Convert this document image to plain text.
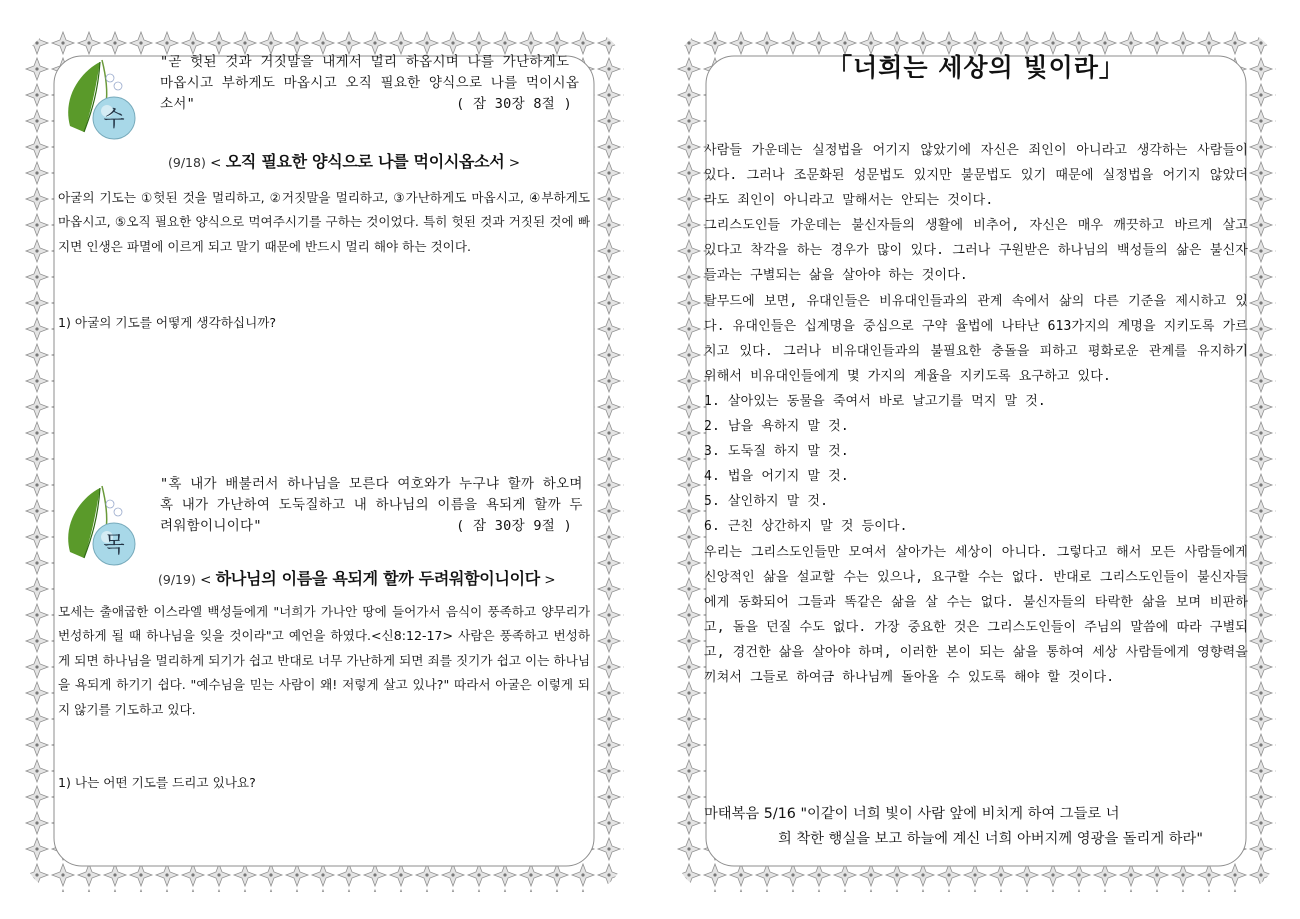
수
"곧 헛된 것과 거짓말을 내게서 멀리 하옵시며 나를 가난하게도 마옵시고 부하게도 마옵시고 오직 필요한 양식으로 나를 먹이시옵소서"	( 잠 30장 8절 )
(9/18) < 오직 필요한 양식으로 나를 먹이시옵소서 >
아굴의 기도는 ①헛된 것을 멀리하고, ②거짓말을 멀리하고, ③가난하게도 마옵시고, ④부하게도 마옵시고, ⑤오직 필요한 양식으로 먹여주시기를 구하는 것이었다. 특히 헛된 것과 거짓된 것에 빠지면 인생은 파멸에 이르게 되고 말기 때문에 반드시 멀리 해야 하는 것이다.
1) 아굴의 기도를 어떻게 생각하십니까?
목
"혹 내가 배불러서 하나님을 모른다 여호와가 누구냐 할까 하오며 혹 내가 가난하여 도둑질하고 내 하나님의 이름을 욕되게 할까 두려워함이니이다"	( 잠 30장 9절 )
(9/19) < 하나님의 이름을 욕되게 할까 두려워함이니이다 >
모세는 출애굽한 이스라엘 백성들에게 "너희가 가나안 땅에 들어가서 음식이 풍족하고 양무리가 번성하게 될 때 하나님을 잊을 것이라"고 예언을 하였다.<신8:12-17> 사람은 풍족하고 번성하게 되면 하나님을 멀리하게 되기가 쉽고 반대로 너무 가난하게 되면 죄를 짓기가 쉽고 이는 하나님을 욕되게 하기기 쉽다. "예수님을 믿는 사람이 왜! 저렇게 살고 있나?" 따라서 아굴은 이렇게 되지 않기를 기도하고 있다.
1) 나는 어떤 기도를 드리고 있나요?
「너희는 세상의 빛이라」

사람들 가운데는 실정법을 어기지 않았기에 자신은 죄인이 아니라고 생각하는 사람들이 있다. 그러나 조문화된 성문법도 있지만 불문법도 있기 때문에 실정법을 어기지 않았더라도 죄인이 아니라고 말해서는 안되는 것이다.

그리스도인들 가운데는 불신자들의 생활에 비추어, 자신은 매우 깨끗하고 바르게 살고 있다고 착각을 하는 경우가 많이 있다. 그러나 구원받은 하나님의 백성들의 삶은 불신자들과는 구별되는 삶을 살아야 하는 것이다.

탈무드에 보면, 유대인들은 비유대인들과의 관계 속에서 삶의 다른 기준을 제시하고 있다. 유대인들은 십계명을 중심으로 구약 율법에 나타난 613가지의 계명을 지키도록 가르치고 있다. 그러나 비유대인들과의 불필요한 충돌을 피하고 평화로운 관계를 유지하기 위해서 비유대인들에게 몇 가지의 계율을 지키도록 요구하고 있다.

1. 살아있는 동물을 죽여서 바로 날고기를 먹지 말 것.

2. 남을 욕하지 말 것.

3. 도둑질 하지 말 것.

4. 법을 어기지 말 것.

5. 살인하지 말 것.

6. 근친 상간하지 말 것 등이다.

우리는 그리스도인들만 모여서 살아가는 세상이 아니다. 그렇다고 해서 모든 사람들에게 신앙적인 삶을 설교할 수는 있으나, 요구할 수는 없다. 반대로 그리스도인들이 불신자들에게 동화되어 그들과 똑같은 삶을 살 수는 없다. 불신자들의 타락한 삶을 보며 비판하고, 돌을 던질 수도 없다. 가장 중요한 것은 그리스도인들이 주님의 말씀에 따라 구별되고, 경건한 삶을 살아야 하며, 이러한 본이 되는 삶을 통하여 세상 사람들에게 영향력을 끼쳐서 그들로 하여금 하나님께 돌아올 수 있도록 해야 할 것이다.

마태복음 5/16 "이같이 너희 빛이 사람 앞에 비치게 하여 그들로 너
희 착한 행실을 보고 하늘에 계신 너희 아버지께 영광을 돌리게 하라"
